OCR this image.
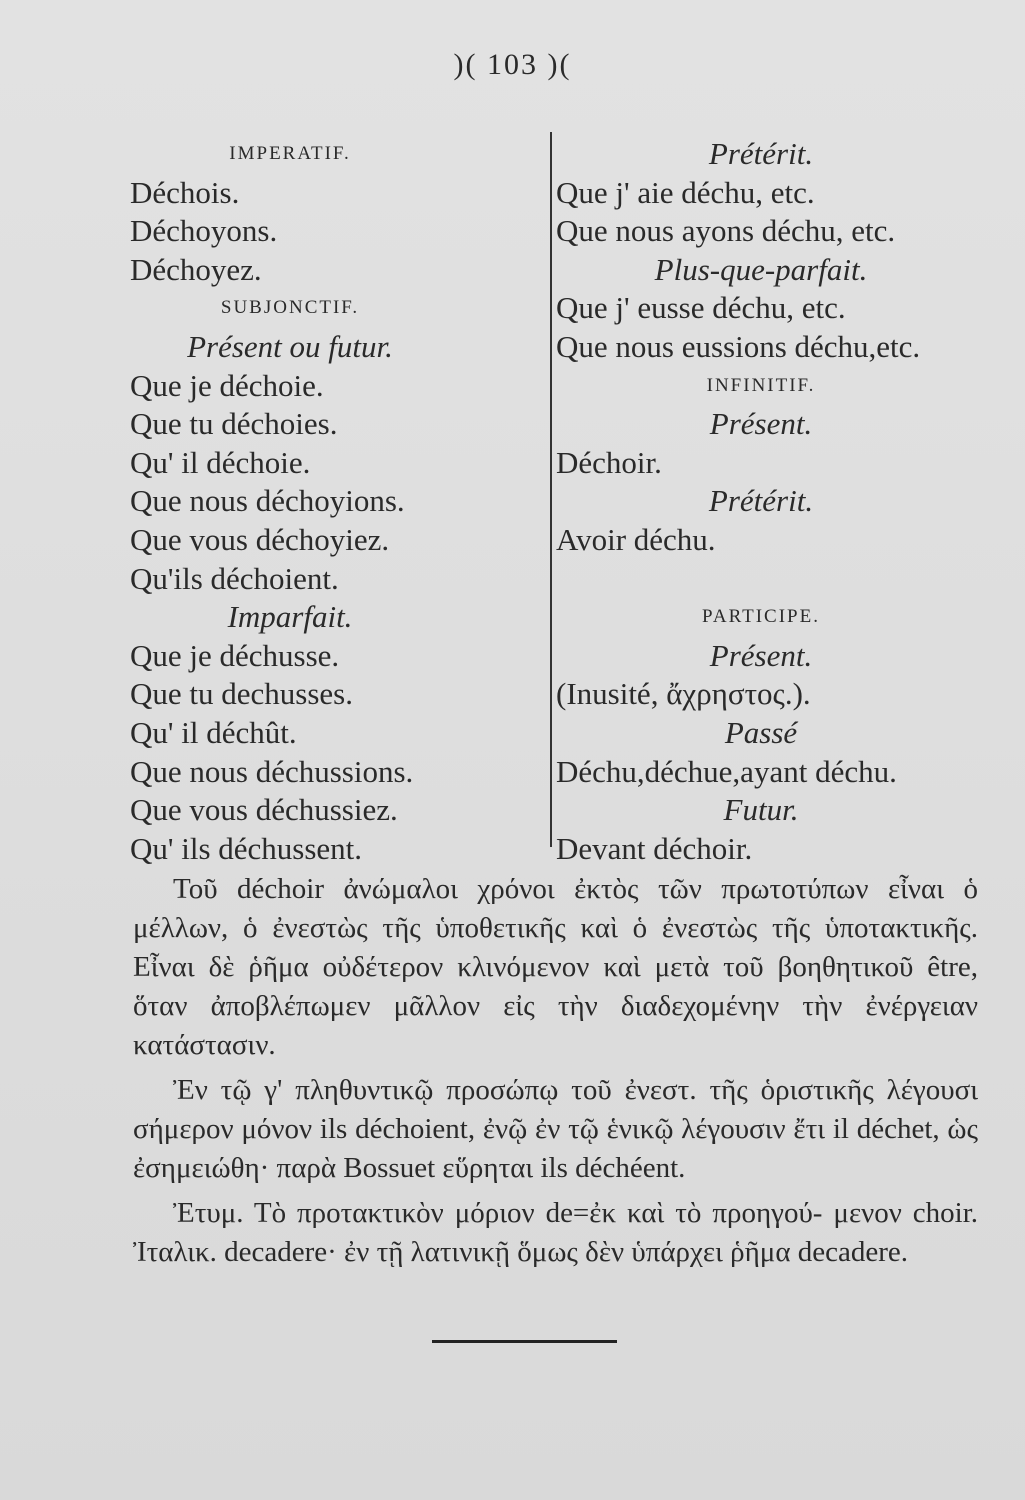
)( 103 )(
IMPERATIF.
Déchois.
Déchoyons.
Déchoyez.
SUBJONCTIF.
Présent ou futur.
Que je déchoie.
Que tu déchoies.
Qu' il déchoie.
Que nous déchoyions.
Que vous déchoyiez.
Qu'ils déchoient.
Imparfait.
Que je déchusse.
Que tu dechusses.
Qu' il déchût.
Que nous déchussions.
Que vous déchussiez.
Qu' ils déchussent.
Prétérit.
Que j' aie déchu, etc.
Que nous ayons déchu, etc.
Plus-que-parfait.
Que j' eusse déchu, etc.
Que nous eussions déchu,etc.
INFINITIF.
Présent.
Déchoir.
Prétérit.
Avoir déchu.
PARTICIPE.
Présent.
(Inusité, ἄχρηστος.).
Passé
Déchu,déchue,ayant déchu.
Futur.
Devant déchoir.

Τοῦ déchoir ἀνώμαλοι χρόνοι ἐκτὸς τῶν πρωτοτύπων εἶναι ὁ μέλλων, ὁ ἐνεστὼς τῆς ὑποθετικῆς καὶ ὁ ἐνεστὼς τῆς ὑποτακτικῆς. Εἶναι δὲ ῥῆμα οὐδέτερον κλινόμενον καὶ μετὰ τοῦ βοηθητικοῦ être, ὅταν ἀποβλέπωμεν μᾶλλον εἰς τὴν διαδεχομένην τὴν ἐνέργειαν κατάστασιν.

Ἐν τῷ γ' πληθυντικῷ προσώπῳ τοῦ ἐνεστ. τῆς ὁριστικῆς λέγουσι σήμερον μόνον ils déchoient, ἐνῷ ἐν τῷ ἑνικῷ λέγουσιν ἔτι il déchet, ὡς ἐσημειώθη· παρὰ Bossuet εὕρηται ils déchéent.

Ἐτυμ. Τὸ προτακτικὸν μόριον de=ἐκ καὶ τὸ προηγού- μενον choir. Ἰταλικ. decadere· ἐν τῇ λατινικῇ ὅμως δὲν ὑπάρχει ῥῆμα decadere.
